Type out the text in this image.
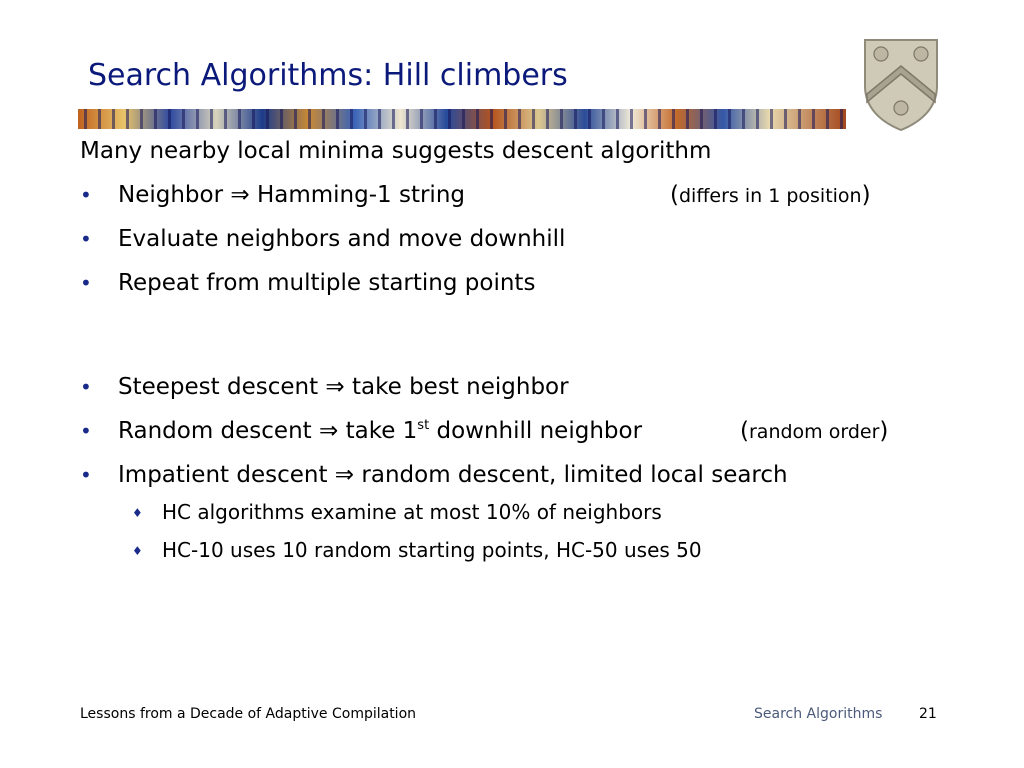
Search Algorithms: Hill climbers
Many nearby local minima suggests descent algorithm
• Neighbor ⇒ Hamming-1 string	(differs in 1 position)
• Evaluate neighbors and move downhill
• Repeat from multiple starting points
• Steepest descent ⇒ take best neighbor
• Random descent ⇒ take 1st downhill neighbor	(random order)
• Impatient descent ⇒ random descent, limited local search
♦ HC algorithms examine at most 10% of neighbors
♦ HC-10 uses 10 random starting points, HC-50 uses 50
Lessons from a Decade of Adaptive Compilation	Search Algorithms	21
